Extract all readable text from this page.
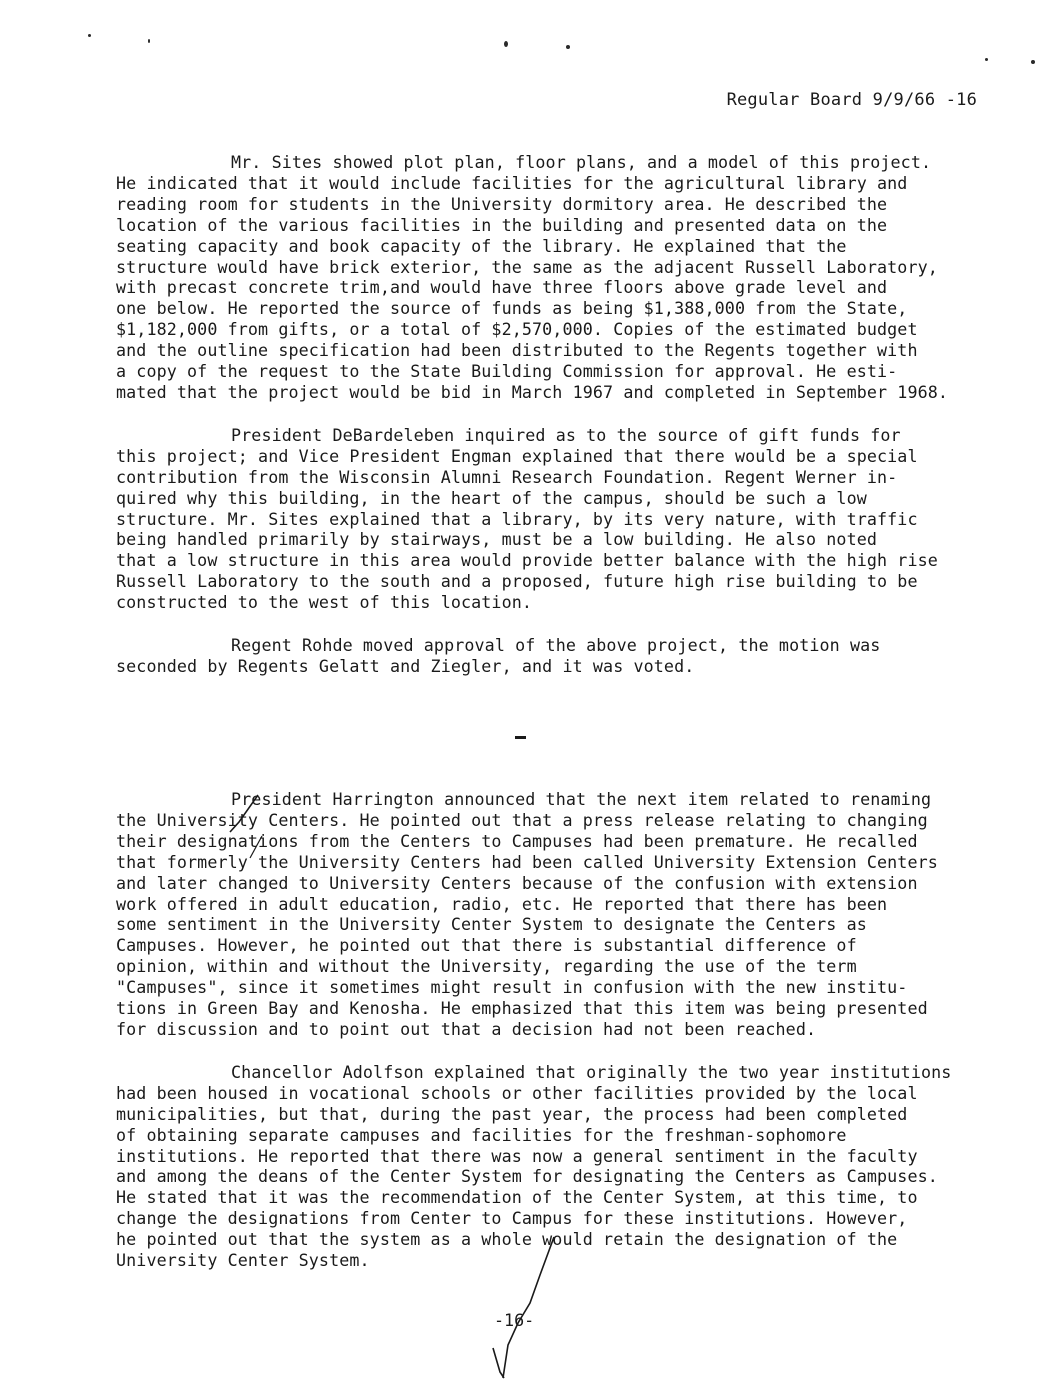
Regular Board 9/9/66 -16
Mr. Sites showed plot plan, floor plans, and a model of this project.
He indicated that it would include facilities for the agricultural library and
reading room for students in the University dormitory area. He described the
location of the various facilities in the building and presented data on the
seating capacity and book capacity of the library. He explained that the
structure would have brick exterior, the same as the adjacent Russell Laboratory,
with precast concrete trim,and would have three floors above grade level and
one below. He reported the source of funds as being $1,388,000 from the State,
$1,182,000 from gifts, or a total of $2,570,000. Copies of the estimated budget
and the outline specification had been distributed to the Regents together with
a copy of the request to the State Building Commission for approval. He esti-
mated that the project would be bid in March 1967 and completed in September 1968.
President DeBardeleben inquired as to the source of gift funds for
this project; and Vice President Engman explained that there would be a special
contribution from the Wisconsin Alumni Research Foundation. Regent Werner in-
quired why this building, in the heart of the campus, should be such a low
structure. Mr. Sites explained that a library, by its very nature, with traffic
being handled primarily by stairways, must be a low building. He also noted
that a low structure in this area would provide better balance with the high rise
Russell Laboratory to the south and a proposed, future high rise building to be
constructed to the west of this location.
Regent Rohde moved approval of the above project, the motion was
seconded by Regents Gelatt and Ziegler, and it was voted.
President Harrington announced that the next item related to renaming
the University Centers. He pointed out that a press release relating to changing
their designations from the Centers to Campuses had been premature. He recalled
that formerly the University Centers had been called University Extension Centers
and later changed to University Centers because of the confusion with extension
work offered in adult education, radio, etc. He reported that there has been
some sentiment in the University Center System to designate the Centers as
Campuses. However, he pointed out that there is substantial difference of
opinion, within and without the University, regarding the use of the term
"Campuses", since it sometimes might result in confusion with the new institu-
tions in Green Bay and Kenosha. He emphasized that this item was being presented
for discussion and to point out that a decision had not been reached.
Chancellor Adolfson explained that originally the two year institutions
had been housed in vocational schools or other facilities provided by the local
municipalities, but that, during the past year, the process had been completed
of obtaining separate campuses and facilities for the freshman-sophomore
institutions. He reported that there was now a general sentiment in the faculty
and among the deans of the Center System for designating the Centers as Campuses.
He stated that it was the recommendation of the Center System, at this time, to
change the designations from Center to Campus for these institutions. However,
he pointed out that the system as a whole would retain the designation of the
University Center System.
-16-
